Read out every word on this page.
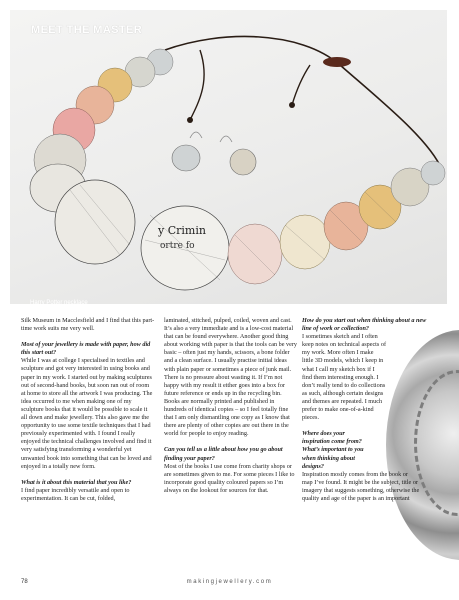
y Crimin
ortre fo
MEET THE MASTER
Harry Potter necklace

Silk Museum in Macclesfield and I find that this part-time work suits me very well.

Most of your jewellery is made with paper, how did this start out?

While I was at college I specialised in textiles and sculpture and got very interested in using books and paper in my work. I started out by making sculptures out of second-hand books, but soon ran out of room at home to store all the artwork I was producing. The idea occurred to me when making one of my sculpture books that it would be possible to scale it all down and make jewellery. This also gave me the opportunity to use some textile techniques that I had previously experimented with. I found I really enjoyed the technical challenges involved and find it very satisfying transforming a wonderful yet unwanted book into something that can be loved and enjoyed in a totally new form.

What is it about this material that you like?

I find paper incredibly versatile and open to experimentation. It can be cut, folded,

laminated, stitched, pulped, coiled, woven and cast. It’s also a very immediate and is a low-cost material that can be found everywhere. Another good thing about working with paper is that the tools can be very basic – often just my hands, scissors, a bone folder and a clean surface. I usually practise initial ideas with plain paper or sometimes a piece of junk mail. There is no pressure about wasting it. If I’m not happy with my result it either goes into a box for future reference or ends up in the recycling bin. Books are normally printed and published in hundreds of identical copies – so I feel totally fine that I am only dismantling one copy as I know that there are plenty of other copies are out there in the world for people to enjoy reading.

Can you tell us a little about how you go about finding your paper?

Most of the books I use come from charity shops or are sometimes given to me. For some pieces I like to incorporate good quality coloured papers so I’m always on the lookout for sources for that.

How do you start out when thinking about a new line of work or collection?

I sometimes sketch and I often keep notes on technical aspects of my work. More often I make little 3D models, which I keep in what I call my sketch box if I find them interesting enough. I don’t really tend to do collections as such, although certain designs and themes are repeated. I much prefer to make one-of-a-kind pieces.

Where does your inspiration come from? What’s important to you when thinking about designs?

Inspiration mostly comes from the book or map I’ve found. It might be the subject, title or imagery that suggests something, otherwise the quality and age of the paper is an important

78	makingjewellery.com
